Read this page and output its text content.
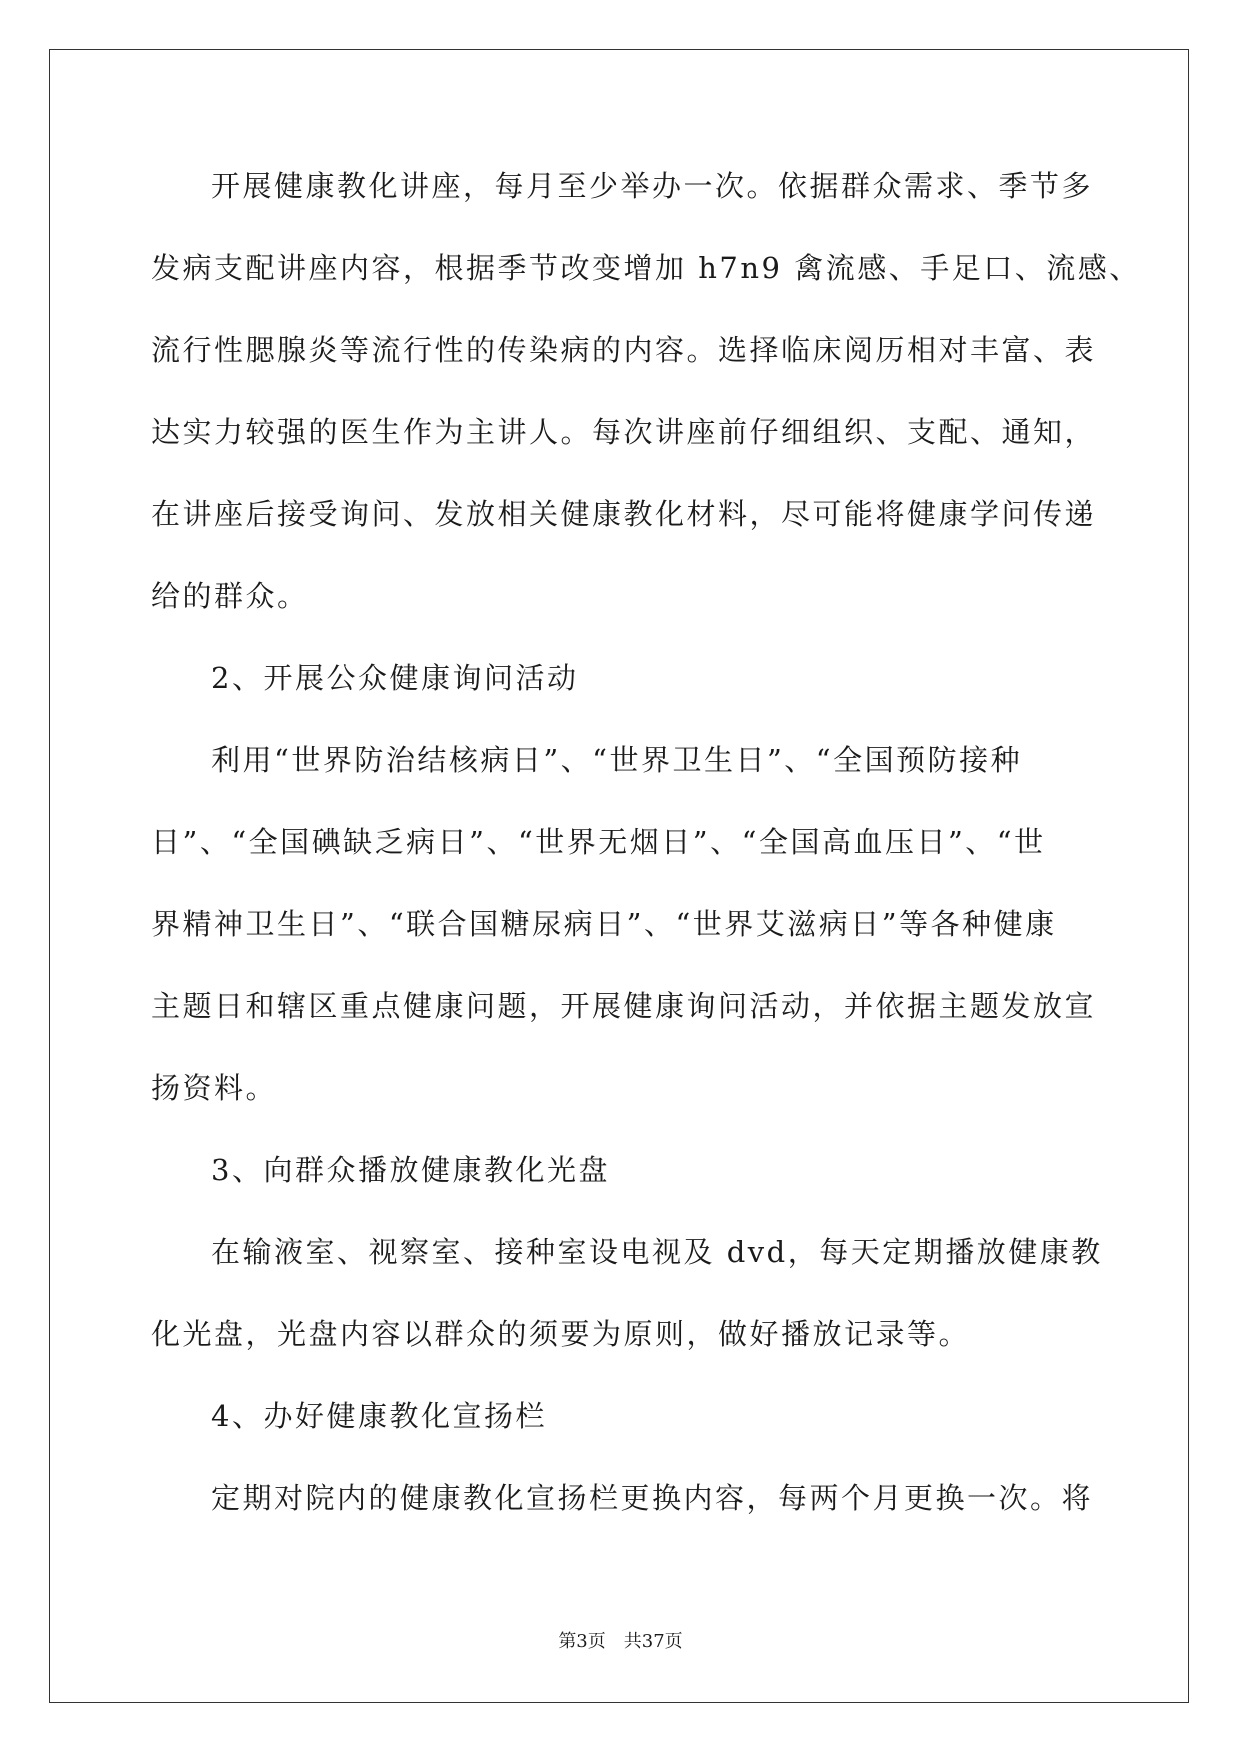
开展健康教化讲座，每月至少举办一次。依据群众需求、季节多
发病支配讲座内容，根据季节改变增加 h7n9 禽流感、手足口、流感、
流行性腮腺炎等流行性的传染病的内容。选择临床阅历相对丰富、表
达实力较强的医生作为主讲人。每次讲座前仔细组织、支配、通知，
在讲座后接受询问、发放相关健康教化材料，尽可能将健康学问传递
给的群众。
2、开展公众健康询问活动
利用“世界防治结核病日”、“世界卫生日”、“全国预防接种
日”、“全国碘缺乏病日”、“世界无烟日”、“全国高血压日”、“世
界精神卫生日”、“联合国糖尿病日”、“世界艾滋病日”等各种健康
主题日和辖区重点健康问题，开展健康询问活动，并依据主题发放宣
扬资料。
3、向群众播放健康教化光盘
在输液室、视察室、接种室设电视及 dvd，每天定期播放健康教
化光盘，光盘内容以群众的须要为原则，做好播放记录等。
4、办好健康教化宣扬栏
定期对院内的健康教化宣扬栏更换内容，每两个月更换一次。将
第3页 共37页
